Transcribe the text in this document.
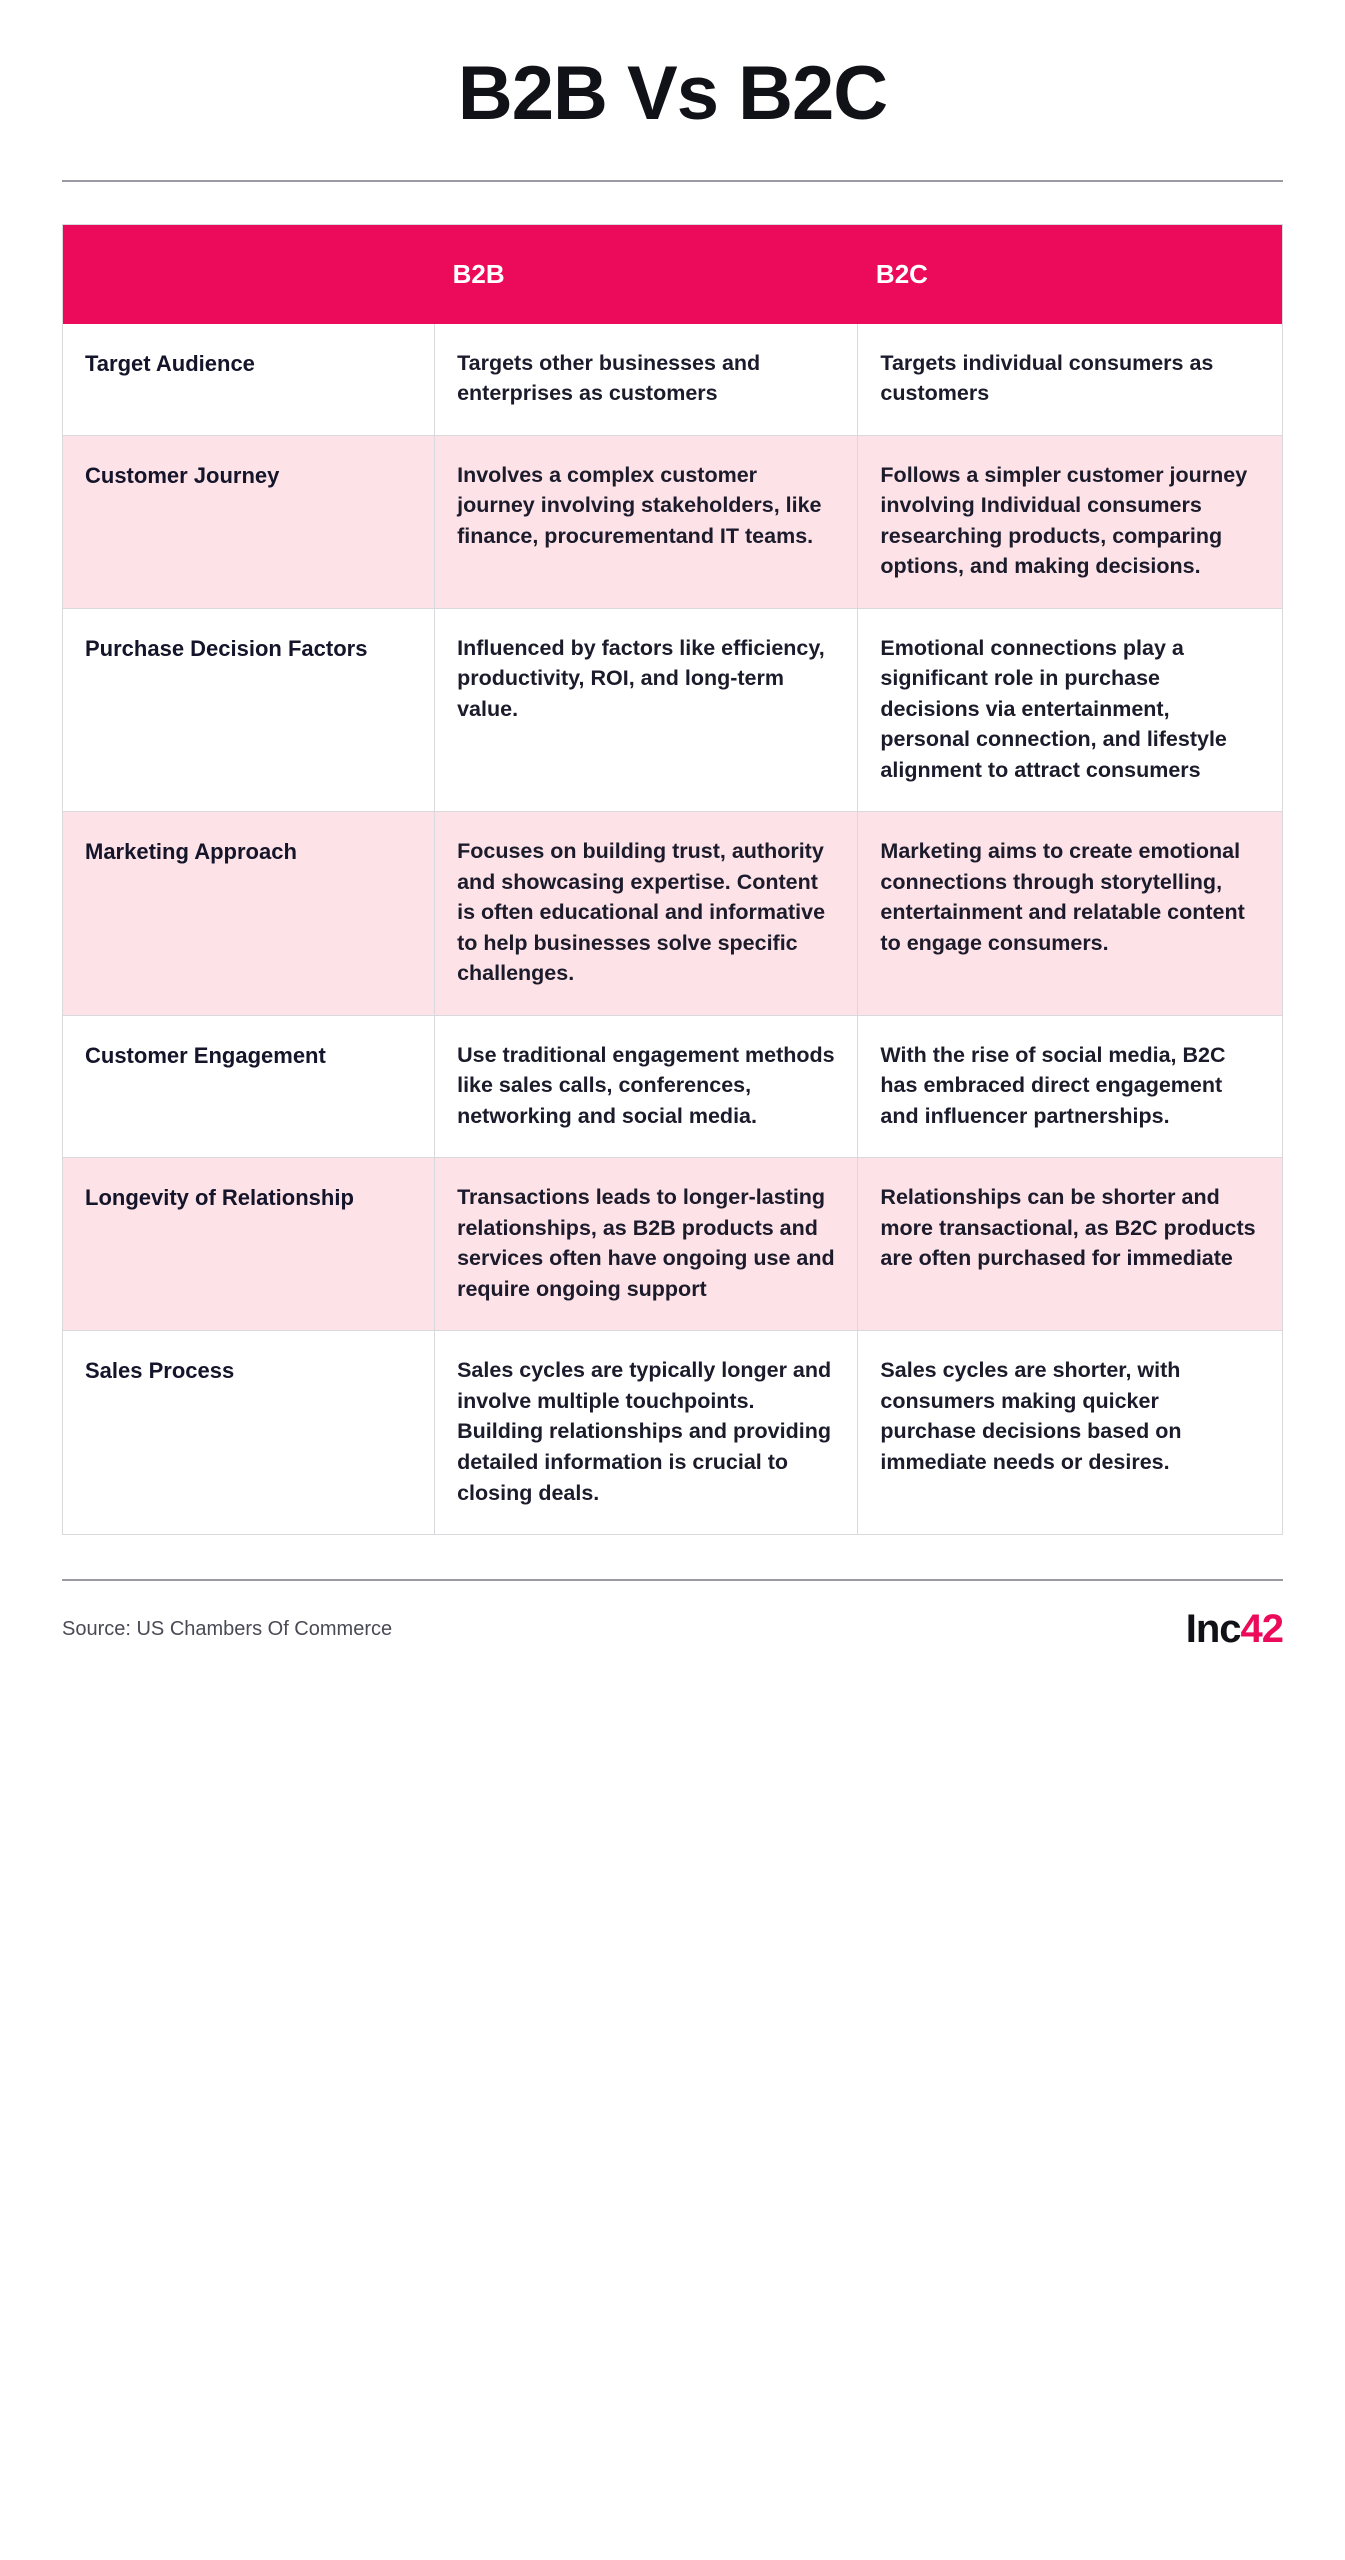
B2B Vs B2C
	B2B	B2C
Target Audience	Targets other businesses and enterprises as customers	Targets individual consumers as customers
Customer Journey	Involves a complex customer journey involving stakeholders, like finance, procurementand IT teams.	Follows a simpler customer journey involving Individual consumers researching products, comparing options, and making decisions.
Purchase Decision Factors	Influenced by factors like efficiency, productivity, ROI, and long-term value.	Emotional connections play a significant role in purchase decisions via entertainment, personal connection, and lifestyle alignment to attract consumers
Marketing Approach	Focuses on building trust, authority and showcasing expertise. Content is often educational and informative to help businesses solve specific challenges.	Marketing aims to create emotional connections through storytelling, entertainment and relatable content to engage consumers.
Customer Engagement	Use traditional engagement methods like sales calls, conferences, networking and social media.	With the rise of social media, B2C has embraced direct engagement and influencer partnerships.
Longevity of Relationship	Transactions leads to longer-lasting relationships, as B2B products and services often have ongoing use and require ongoing support	Relationships can be shorter and more transactional, as B2C products are often purchased for immediate
Sales Process	Sales cycles are typically longer and involve multiple touchpoints. Building relationships and providing detailed information is crucial to closing deals.	Sales cycles are shorter, with consumers making quicker purchase decisions based on immediate needs or desires.
Source: US Chambers Of Commerce	Inc 42
